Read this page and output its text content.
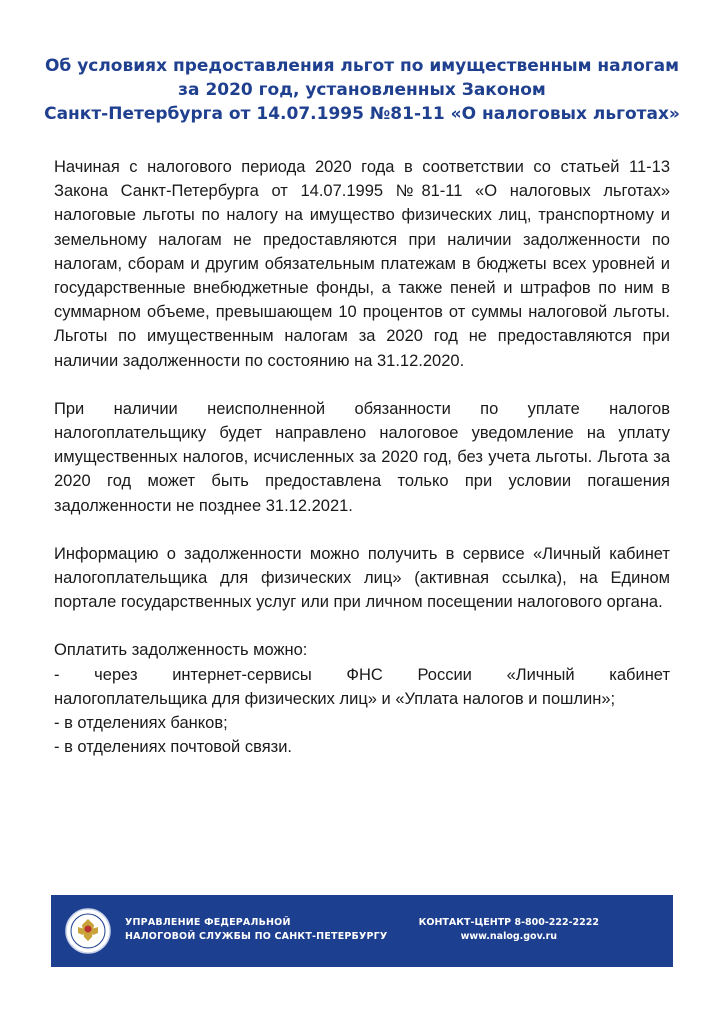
Об условиях предоставления льгот по имущественным налогам
за 2020 год, установленных Законом
Санкт-Петербурга от 14.07.1995 №81-11 «О налоговых льготах»

Начиная с налогового периода 2020 года в соответствии со статьей 11-13 Закона Санкт-Петербурга от 14.07.1995 №81-11 «О налоговых льготах» налоговые льготы по налогу на имущество физических лиц, транспортному и земельному налогам не предоставляются при наличии задолженности по налогам, сборам и другим обязательным платежам в бюджеты всех уровней и государственные внебюджетные фонды, а также пеней и штрафов по ним в суммарном объеме, превышающем 10 процентов от суммы налоговой льготы. Льготы по имущественным налогам за 2020 год не предоставляются при наличии задолженности по состоянию на 31.12.2020.

При наличии неисполненной обязанности по уплате налогов налогоплательщику будет направлено налоговое уведомление на уплату имущественных налогов, исчисленных за 2020 год, без учета льготы. Льгота за 2020 год может быть предоставлена только при условии погашения задолженности не позднее 31.12.2021.

Информацию о задолженности можно получить в сервисе «Личный кабинет налогоплательщика для физических лиц» (активная ссылка), на Едином портале государственных услуг или при личном посещении налогового органа.

Оплатить задолженность можно:
-     через     интернет-сервисы     ФНС     России     «Личный     кабинет налогоплательщика для физических лиц» и «Уплата налогов и пошлин»;
- в отделениях банков;
- в отделениях почтовой связи.
УПРАВЛЕНИЕ ФЕДЕРАЛЬНОЙ
НАЛОГОВОЙ СЛУЖБЫ ПО САНКТ-ПЕТЕРБУРГУ
КОНТАКТ-ЦЕНТР 8-800-222-2222
www.nalog.gov.ru
